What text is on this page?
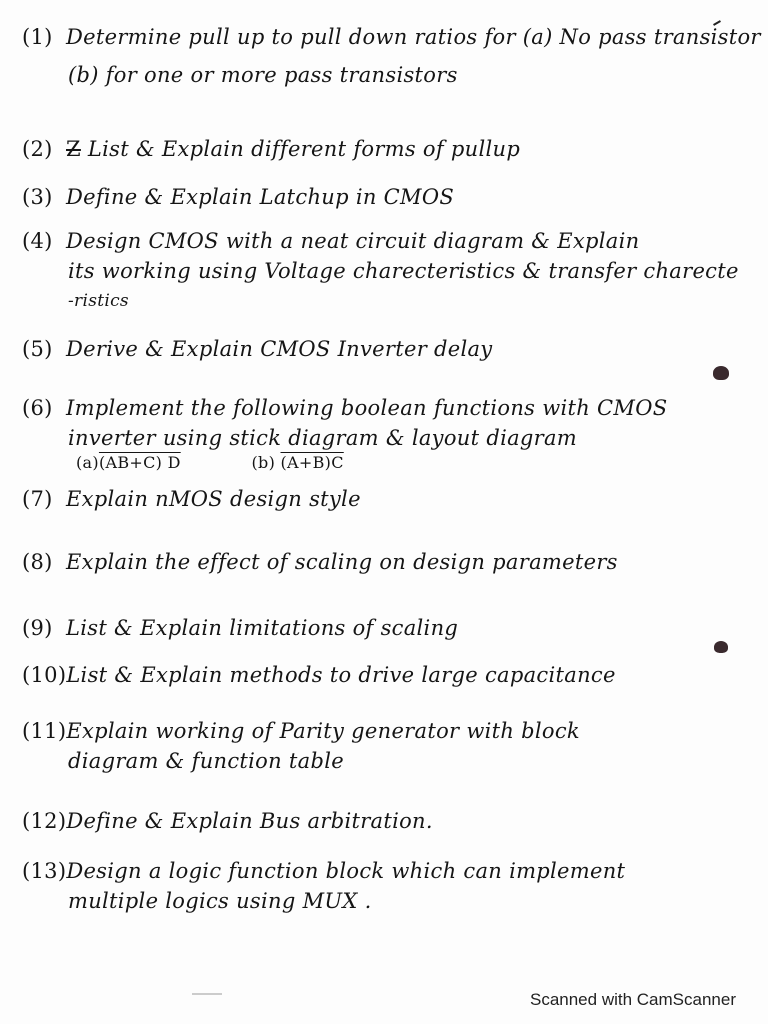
(1) Determine pull up to pull down ratios for (a) No pass transistor
(b) for one or more pass transistors
(2) Z List & Explain different forms of pullup
(3) Define & Explain Latchup in CMOS
(4) Design CMOS with a neat circuit diagram & Explain
its working using Voltage charecteristics & transfer charecte
-ristics
(5) Derive & Explain CMOS Inverter delay
(6) Implement the following boolean functions with CMOS
inverter using stick diagram & layout diagram
(a)(AB+C) D	(b) (A+B)C
(7) Explain nMOS design style
(8) Explain the effect of scaling on design parameters
(9) List & Explain limitations of scaling
(10)List & Explain methods to drive large capacitance
(11)Explain working of Parity generator with block
diagram & function table
(12)Define & Explain Bus arbitration.
(13)Design a logic function block which can implement
multiple logics using MUX .
Scanned with CamScanner
